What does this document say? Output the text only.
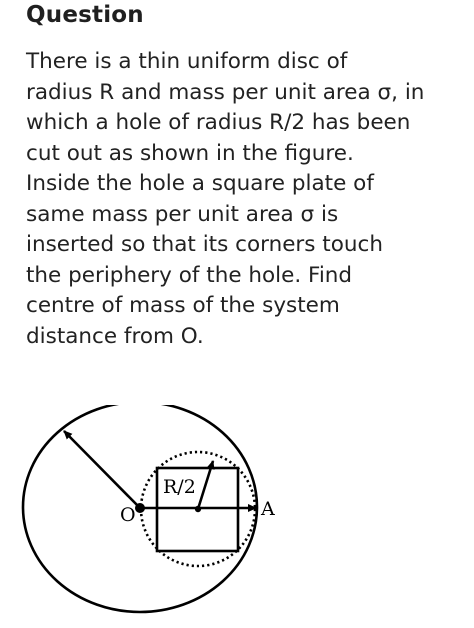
Question
There is a thin uniform disc of
radius R and mass per unit area σ, in
which a hole of radius R/2 has been
cut out as shown in the figure.
Inside the hole a square plate of
same mass per unit area σ is
inserted so that its corners touch
the periphery of the hole. Find
centre of mass of the system
distance from O.
R/2
O	A
